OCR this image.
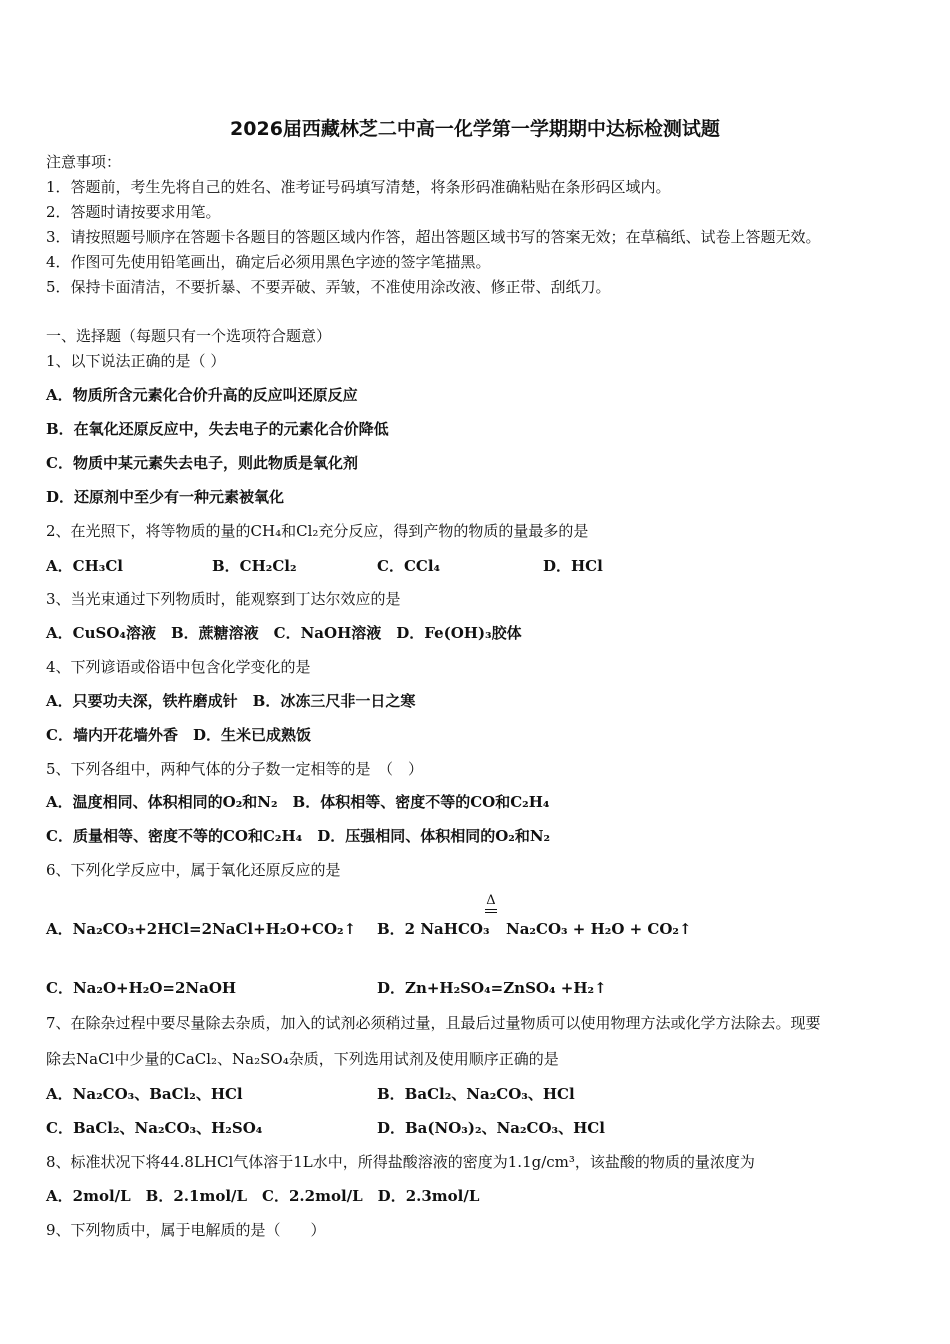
2026届西藏林芝二中高一化学第一学期期中达标检测试题
注意事项：
1．答题前，考生先将自己的姓名、准考证号码填写清楚，将条形码准确粘贴在条形码区域内。
2．答题时请按要求用笔。
3．请按照题号顺序在答题卡各题目的答题区域内作答，超出答题区域书写的答案无效；在草稿纸、试卷上答题无效。
4．作图可先使用铅笔画出，确定后必须用黑色字迹的签字笔描黑。
5．保持卡面清洁，不要折暴、不要弄破、弄皱，不准使用涂改液、修正带、刮纸刀。
一、选择题（每题只有一个选项符合题意）
1、以下说法正确的是（ ）
A．物质所含元素化合价升高的反应叫还原反应
B．在氧化还原反应中，失去电子的元素化合价降低
C．物质中某元素失去电子，则此物质是氧化剂
D．还原剂中至少有一种元素被氧化
2、在光照下，将等物质的量的CH₄和Cl₂充分反应，得到产物的物质的量最多的是
A．CH₃Cl	B．CH₂Cl₂	C．CCl₄	D．HCl
3、当光束通过下列物质时，能观察到丁达尔效应的是
A．CuSO₄溶液　B．蔗糖溶液　C．NaOH溶液　D．Fe(OH)₃胶体
4、下列谚语或俗语中包含化学变化的是
A．只要功夫深，铁杵磨成针　B．冰冻三尺非一日之寒
C．墙内开花墙外香　D．生米已成熟饭
5、下列各组中，两种气体的分子数一定相等的是　（　）
A．温度相同、体积相同的O₂和N₂　B．体积相等、密度不等的CO和C₂H₄
C．质量相等、密度不等的CO和C₂H₄　D．压强相同、体积相同的O₂和N₂
6、下列化学反应中，属于氧化还原反应的是
A．Na₂CO₃+2HCl=2NaCl+H₂O+CO₂↑ B．2 NaHCO₃
Δ
Na₂CO₃ + H₂O + CO₂↑
C．Na₂O+H₂O=2NaOH	D．Zn+H₂SO₄=ZnSO₄ +H₂↑
7、在除杂过程中要尽量除去杂质，加入的试剂必须稍过量，且最后过量物质可以使用物理方法或化学方法除去。现要
除去NaCl中少量的CaCl₂、Na₂SO₄杂质，下列选用试剂及使用顺序正确的是
A．Na₂CO₃、BaCl₂、HCl	B．BaCl₂、Na₂CO₃、HCl
C．BaCl₂、Na₂CO₃、H₂SO₄	D．Ba(NO₃)₂、Na₂CO₃、HCl
8、标准状况下将44.8LHCl气体溶于1L水中，所得盐酸溶液的密度为1.1g/cm³，该盐酸的物质的量浓度为
A．2mol/L　B．2.1mol/L　C．2.2mol/L　D．2.3mol/L
9、下列物质中，属于电解质的是（　　）
